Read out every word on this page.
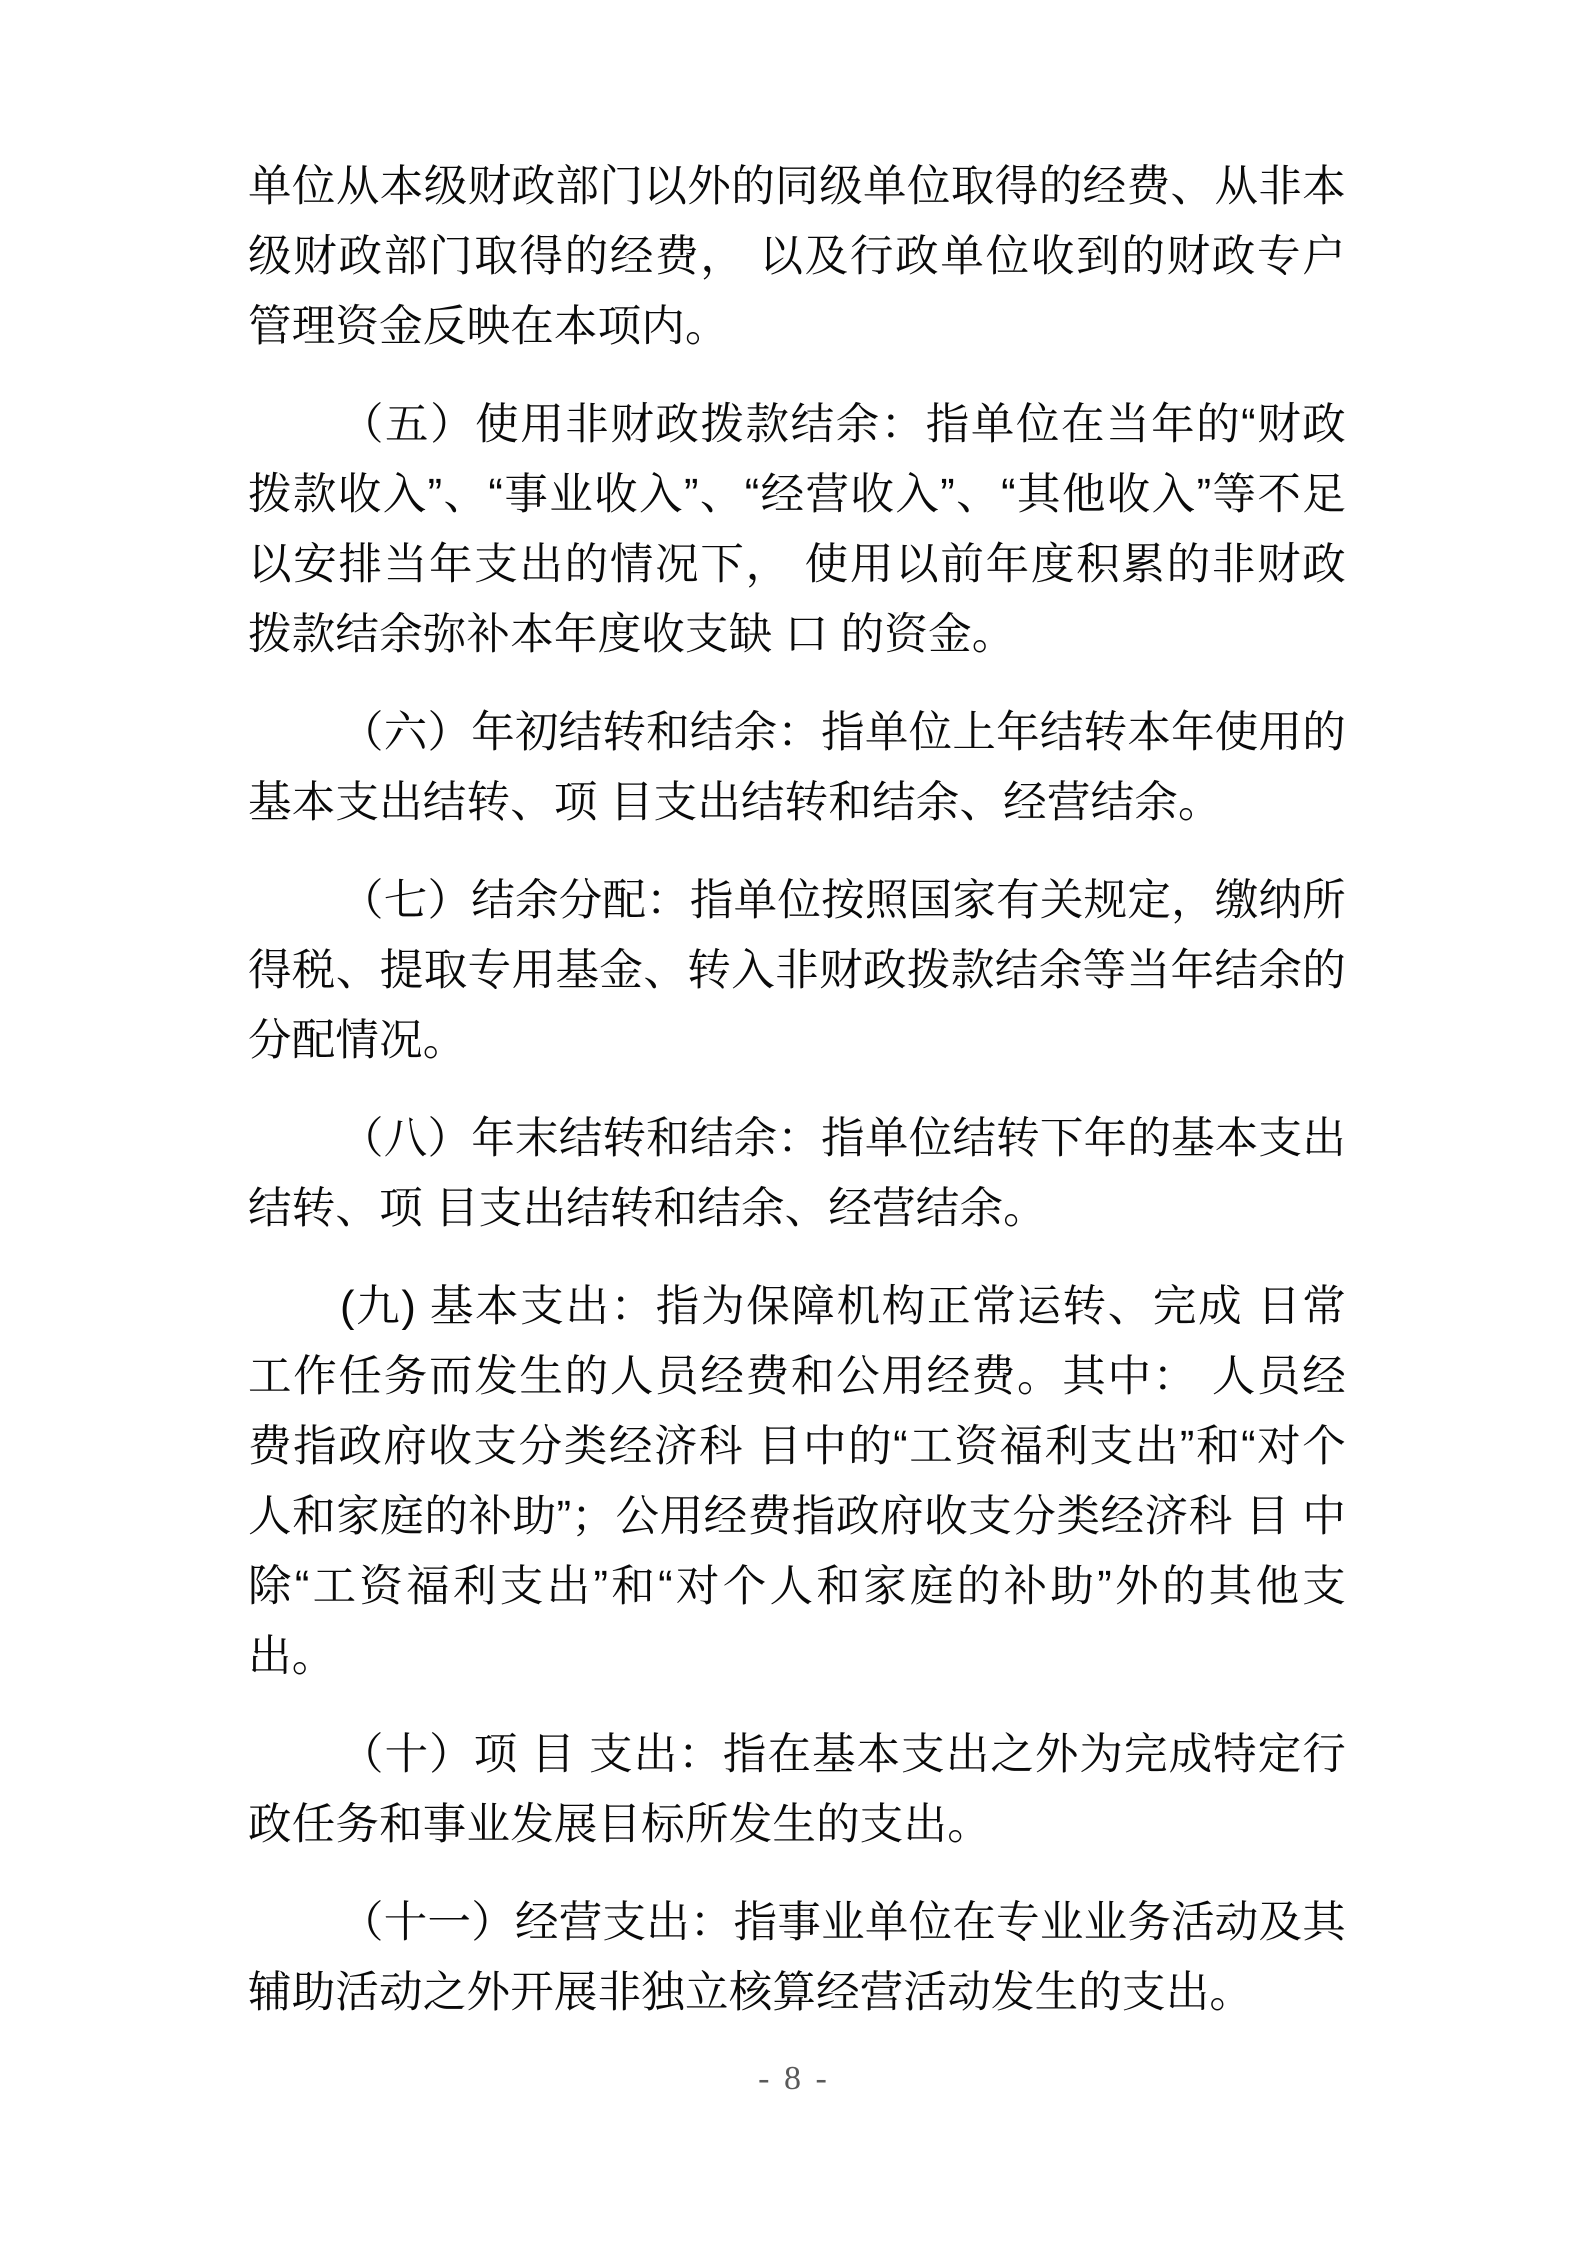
单位从本级财政部门以外的同级单位取得的经费、从非本级财政部门取得的经费， 以及行政单位收到的财政专户管理资金反映在本项内。

（五）使用非财政拨款结余：指单位在当年的“财政拨款收入”、“事业收入”、“经营收入”、“其他收入”等不足以安排当年支出的情况下， 使用以前年度积累的非财政拨款结余弥补本年度收支缺 口 的资金。

（六）年初结转和结余：指单位上年结转本年使用的基本支出结转、项 目支出结转和结余、经营结余。

（七）结余分配：指单位按照国家有关规定，缴纳所得税、提取专用基金、转入非财政拨款结余等当年结余的分配情况。

（八）年末结转和结余：指单位结转下年的基本支出结转、项 目支出结转和结余、经营结余。

(九) 基本支出：指为保障机构正常运转、完成 日常工作任务而发生的人员经费和公用经费。其中： 人员经费指政府收支分类经济科 目中的“工资福利支出”和“对个人和家庭的补助”；公用经费指政府收支分类经济科 目 中除“工资福利支出”和“对个人和家庭的补助”外的其他支出。

（十）项 目 支出：指在基本支出之外为完成特定行政任务和事业发展目标所发生的支出。

（十一）经营支出：指事业单位在专业业务活动及其辅助活动之外开展非独立核算经营活动发生的支出。

- 8 -
